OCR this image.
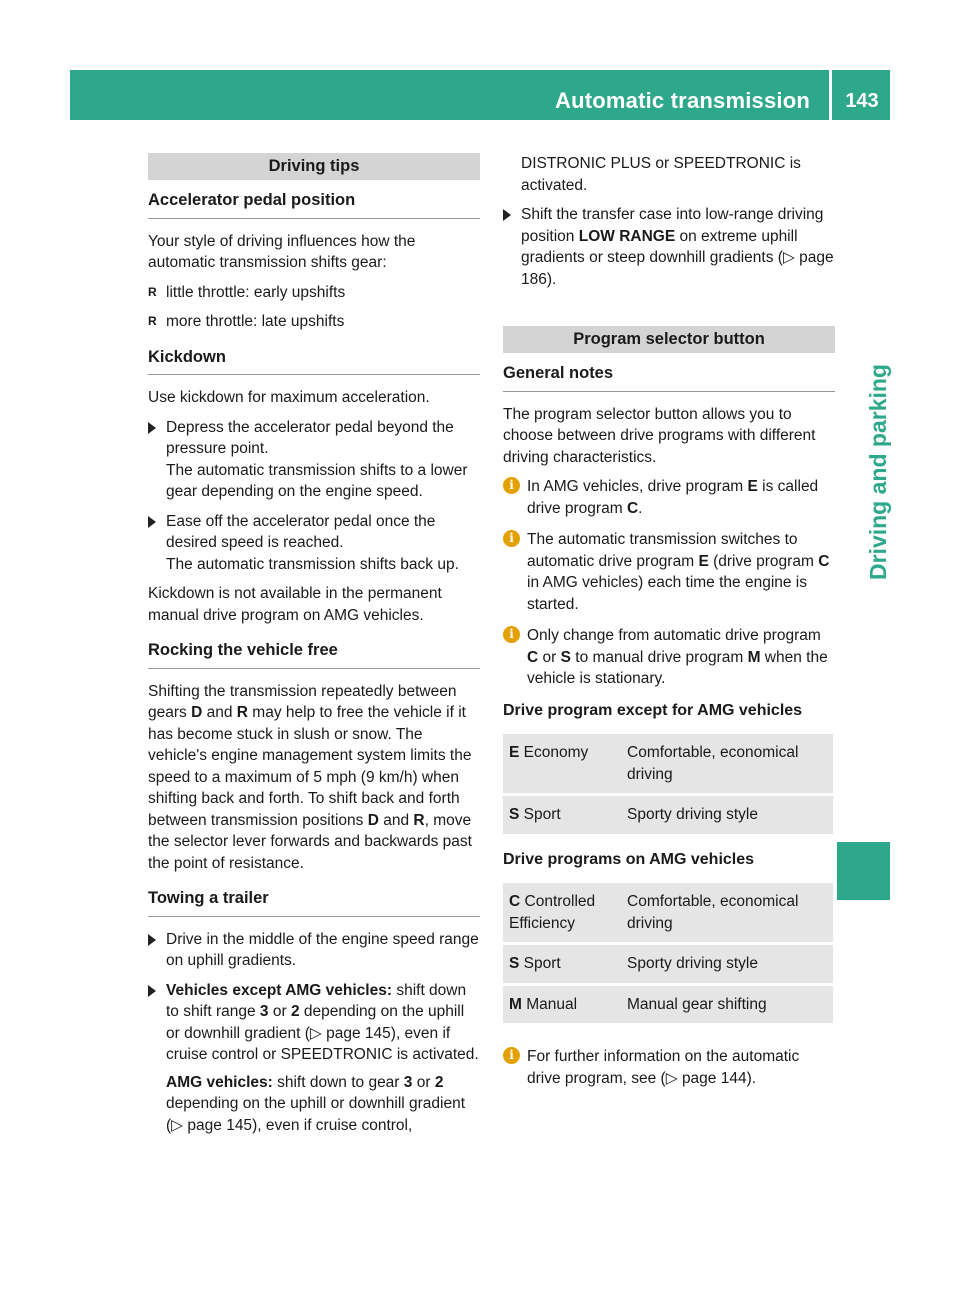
Automatic transmission	143
Driving and parking
Driving tips
Accelerator pedal position

Your style of driving influences how the automatic transmission shifts gear:

R little throttle: early upshifts
R more throttle: late upshifts
Kickdown

Use kickdown for maximum acceleration.

Depress the accelerator pedal beyond the pressure point.
The automatic transmission shifts to a lower gear depending on the engine speed.
Ease off the accelerator pedal once the desired speed is reached.
The automatic transmission shifts back up.

Kickdown is not available in the permanent manual drive program on AMG vehicles.

Rocking the vehicle free

Shifting the transmission repeatedly between gears D and R may help to free the vehicle if it has become stuck in slush or snow. The vehicle's engine management system limits the speed to a maximum of 5 mph (9 km/h) when shifting back and forth. To shift back and forth between transmission positions D and R, move the selector lever forwards and backwards past the point of resistance.

Towing a trailer
Drive in the middle of the engine speed range on uphill gradients.
Vehicles except AMG vehicles: shift down to shift range 3 or 2 depending on the uphill or downhill gradient (▷ page 145), even if cruise control or SPEEDTRONIC is activated.
AMG vehicles: shift down to gear 3 or 2 depending on the uphill or downhill gradient (▷ page 145), even if cruise control,
DISTRONIC PLUS or SPEEDTRONIC is activated.
Shift the transfer case into low-range driving position LOW RANGE on extreme uphill gradients or steep downhill gradients (▷ page 186).
Program selector button
General notes

The program selector button allows you to choose between drive programs with different driving characteristics.

i In AMG vehicles, drive program E is called drive program C.
i The automatic transmission switches to automatic drive program E (drive program C in AMG vehicles) each time the engine is started.
i Only change from automatic drive program C or S to manual drive program M when the vehicle is stationary.
Drive program except for AMG vehicles
E Economy	Comfortable, economical driving
S Sport	Sporty driving style
Drive programs on AMG vehicles
C Controlled Efficiency	Comfortable, economical driving
S Sport	Sporty driving style
M Manual	Manual gear shifting
i For further information on the automatic drive program, see (▷ page 144).
